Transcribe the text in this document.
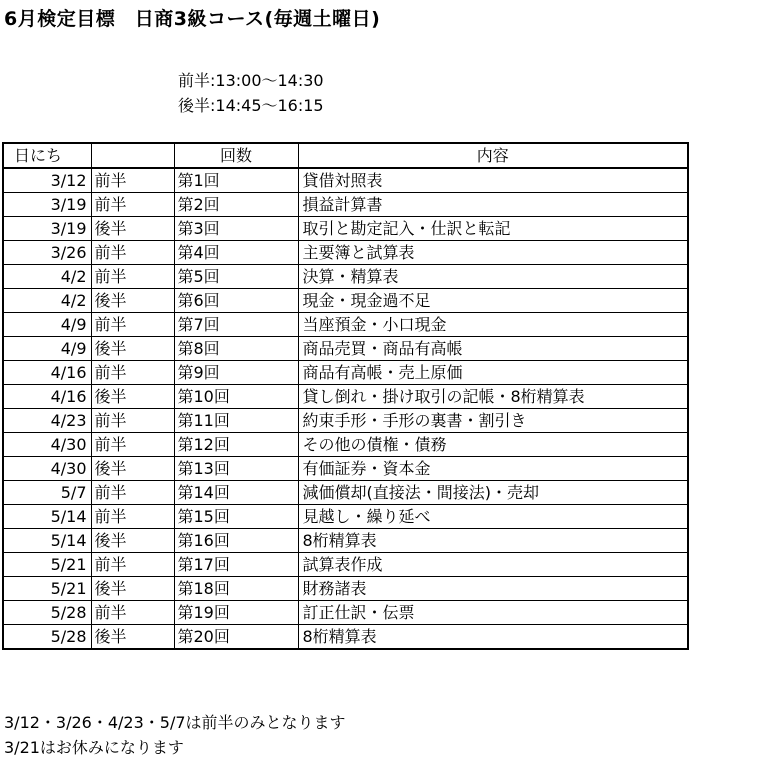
6月検定目標　日商3級コース(毎週土曜日)
前半:13:00～14:30
後半:14:45～16:15
日にち		回数	内容
3/12	前半	第1回	貸借対照表
3/19	前半	第2回	損益計算書
3/19	後半	第3回	取引と勘定記入・仕訳と転記
3/26	前半	第4回	主要簿と試算表
4/2	前半	第5回	決算・精算表
4/2	後半	第6回	現金・現金過不足
4/9	前半	第7回	当座預金・小口現金
4/9	後半	第8回	商品売買・商品有高帳
4/16	前半	第9回	商品有高帳・売上原価
4/16	後半	第10回	貸し倒れ・掛け取引の記帳・8桁精算表
4/23	前半	第11回	約束手形・手形の裏書・割引き
4/30	前半	第12回	その他の債権・債務
4/30	後半	第13回	有価証券・資本金
5/7	前半	第14回	減価償却(直接法・間接法)・売却
5/14	前半	第15回	見越し・繰り延べ
5/14	後半	第16回	8桁精算表
5/21	前半	第17回	試算表作成
5/21	後半	第18回	財務諸表
5/28	前半	第19回	訂正仕訳・伝票
5/28	後半	第20回	8桁精算表
3/12・3/26・4/23・5/7は前半のみとなります
3/21はお休みになります
